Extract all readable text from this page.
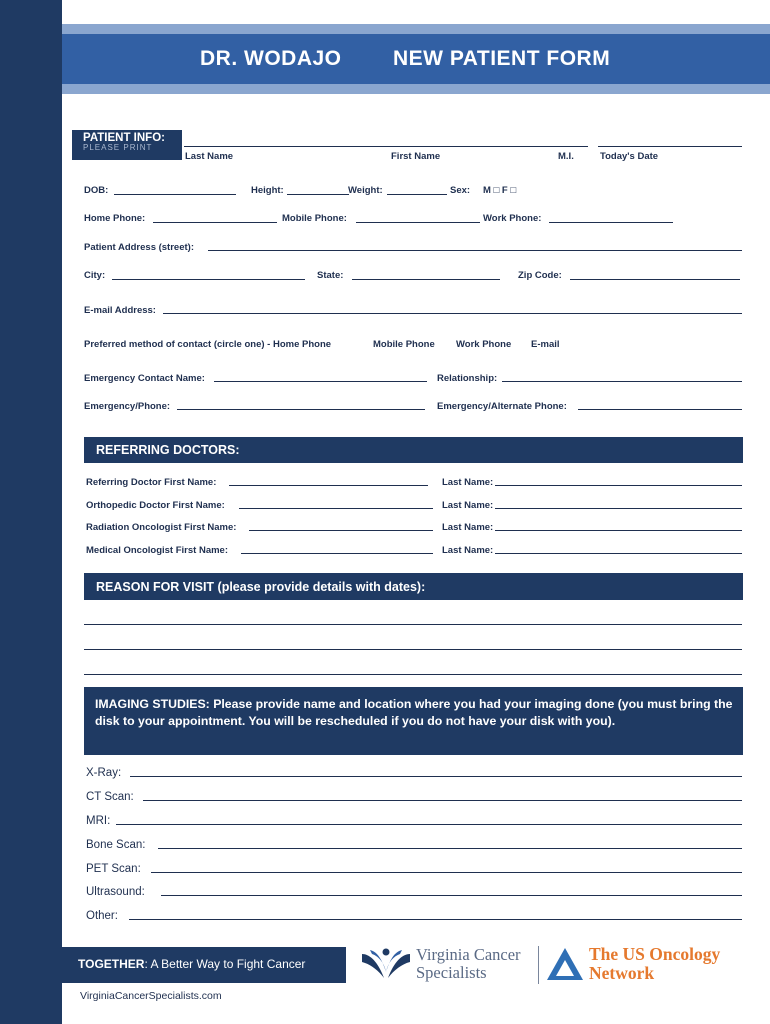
DR. WODAJO NEW PATIENT FORM
PATIENT INFO:
PLEASE PRINT
Last Name	First Name	M.I.	Today's Date
DOB:	Height:	Weight:	Sex: M □ F □
Home Phone:	Mobile Phone:	Work Phone:
Patient Address (street):
City:	State:	Zip Code:
E-mail Address:
Preferred method of contact (circle one) - Home Phone	Mobile Phone Work Phone E-mail
Emergency Contact Name:	Relationship:
Emergency/Phone:	Emergency/Alternate Phone:
REFERRING DOCTORS:
Referring Doctor First Name:	Last Name:
Orthopedic Doctor First Name:	Last Name:
Radiation Oncologist First Name:	Last Name:
Medical Oncologist First Name:	Last Name:
REASON FOR VISIT (please provide details with dates):
IMAGING STUDIES: Please provide name and location where you had your imaging done (you must bring the disk to your appointment. You will be rescheduled if you do not have your disk with you).
X-Ray:
CT Scan:
MRI:
Bone Scan:
PET Scan:
Ultrasound:
Other:
TOGETHER: A Better Way to Fight Cancer
VirginiaCancerSpecialists.com
Virginia Cancer
Specialists
The US Oncology
Network
